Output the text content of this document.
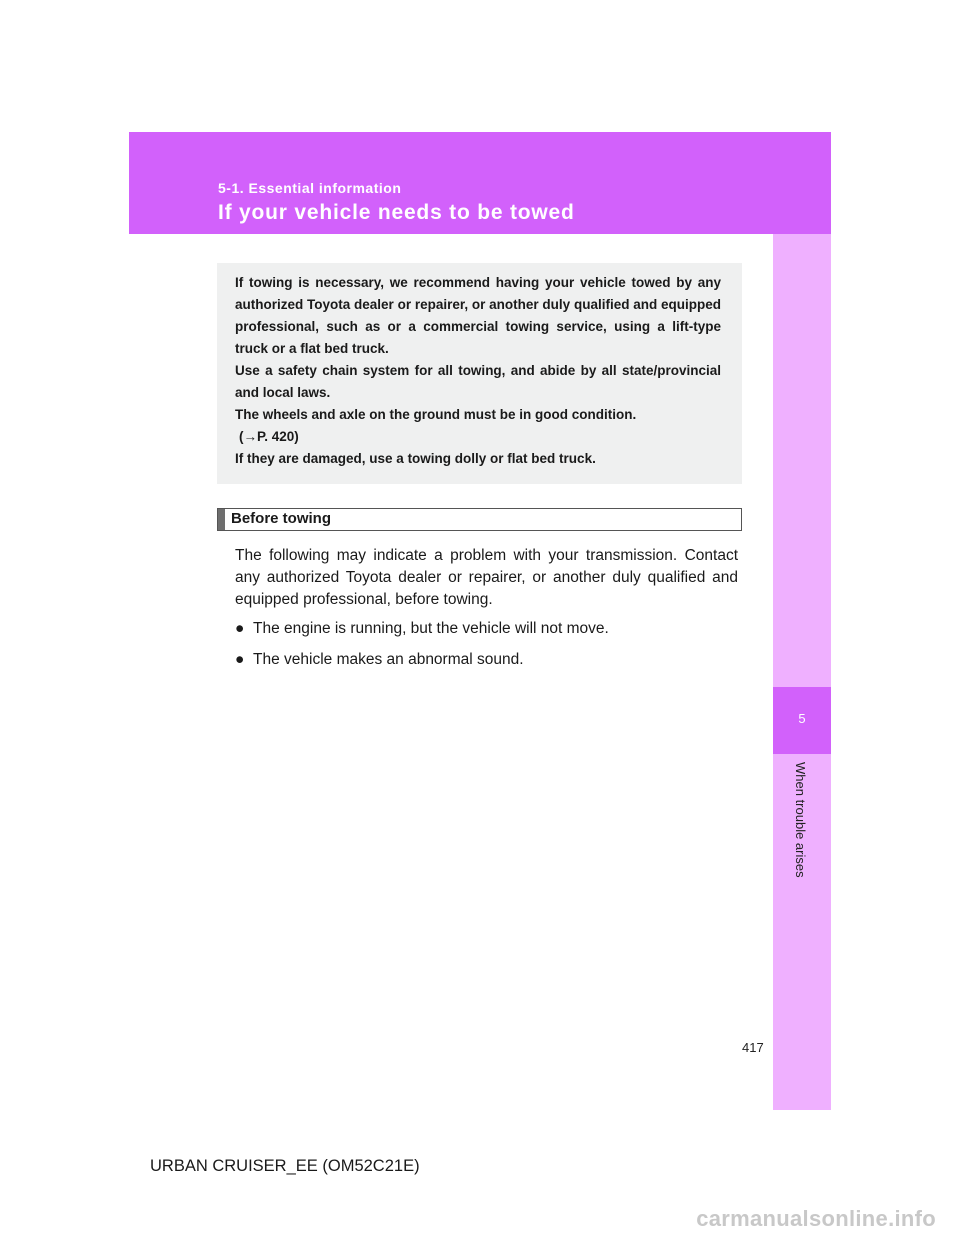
5-1. Essential information
If your vehicle needs to be towed
5
When trouble arises

If towing is necessary, we recommend having your vehicle towed by any authorized Toyota dealer or repairer, or another duly qualified and equipped professional, such as or a commercial towing service, using a lift-type truck or a flat bed truck.

Use a safety chain system for all towing, and abide by all state/provincial and local laws.

The wheels and axle on the ground must be in good condition.

(→P. 420)

If they are damaged, use a towing dolly or flat bed truck.

Before towing
The following may indicate a problem with your transmission. Contact any authorized Toyota dealer or repairer, or another duly qualified and equipped professional, before towing.
● The engine is running, but the vehicle will not move.
● The vehicle makes an abnormal sound.
417
URBAN CRUISER_EE (OM52C21E)
carmanualsonline.info
